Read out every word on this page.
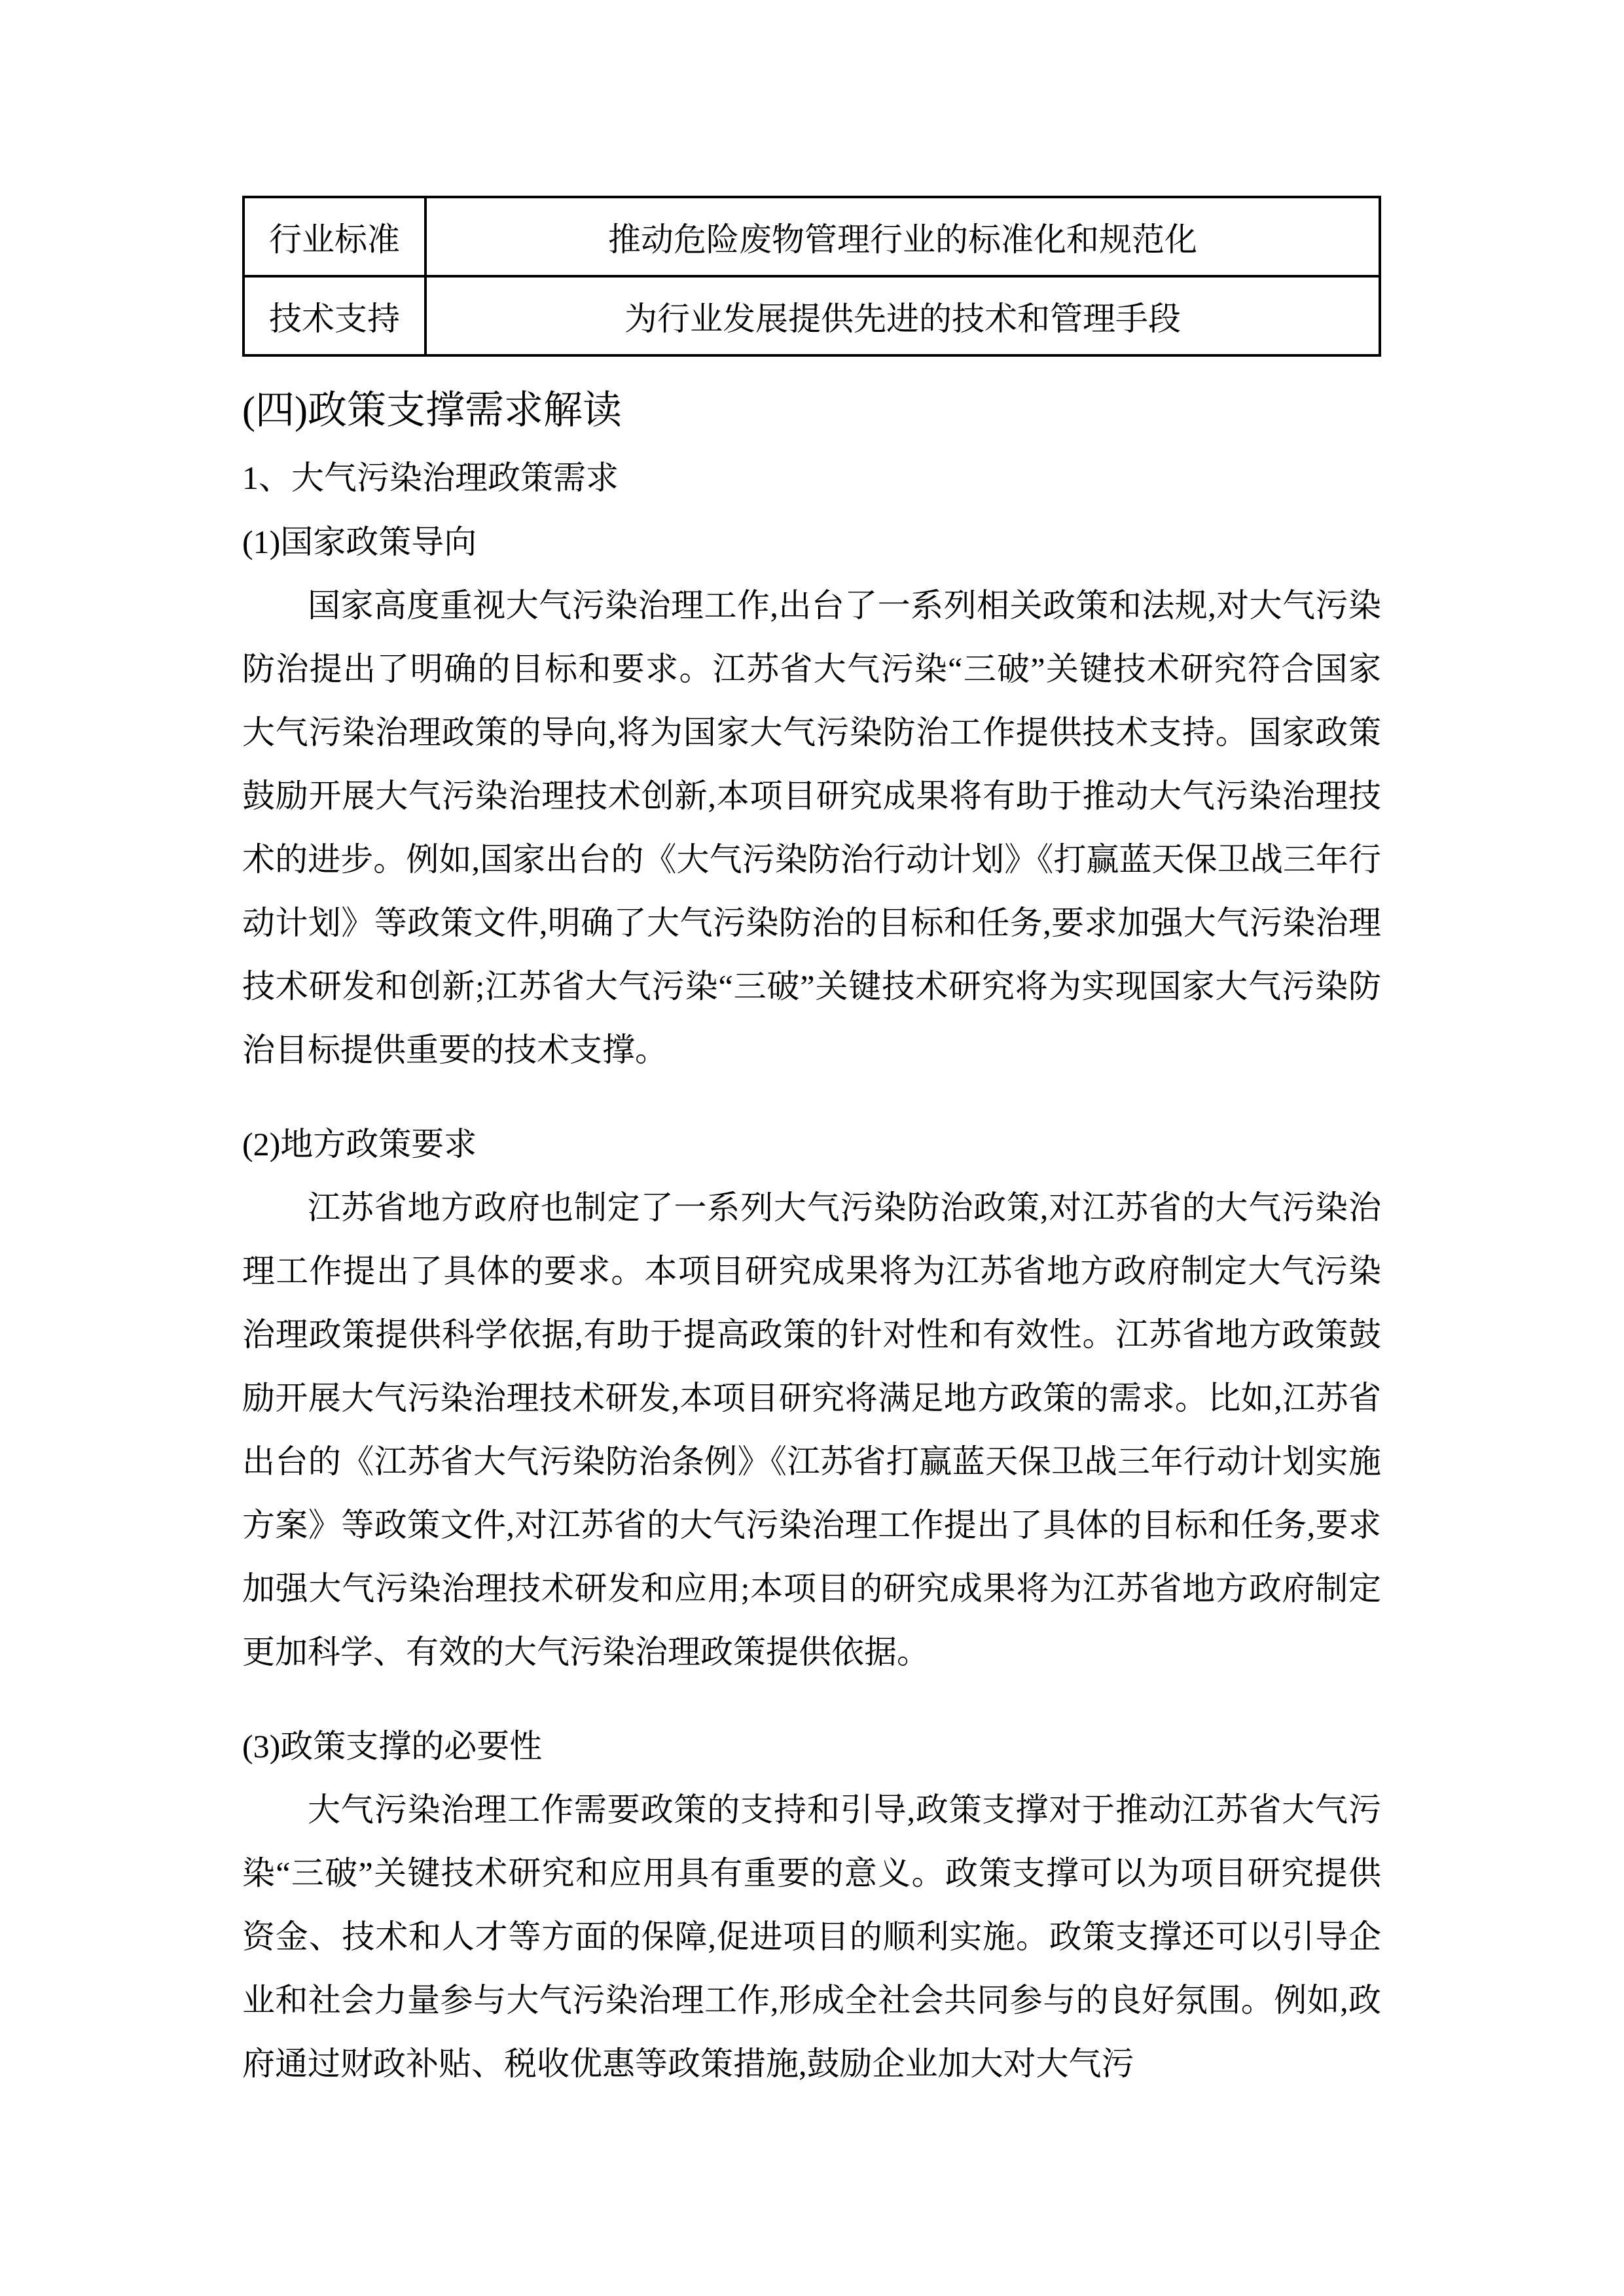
行业标准	推动危险废物管理行业的标准化和规范化
技术支持	为行业发展提供先进的技术和管理手段
(四)政策支撑需求解读
1、大气污染治理政策需求
(1)国家政策导向

国家高度重视大气污染治理工作,出台了一系列相关政策和法规,对大气污染防治提出了明确的目标和要求。江苏省大气污染“三破”关键技术研究符合国家大气污染治理政策的导向,将为国家大气污染防治工作提供技术支持。国家政策鼓励开展大气污染治理技术创新,本项目研究成果将有助于推动大气污染治理技术的进步。例如,国家出台的《大气污染防治行动计划》《打赢蓝天保卫战三年行动计划》等政策文件,明确了大气污染防治的目标和任务,要求加强大气污染治理技术研发和创新;江苏省大气污染“三破”关键技术研究将为实现国家大气污染防治目标提供重要的技术支撑。

(2)地方政策要求

江苏省地方政府也制定了一系列大气污染防治政策,对江苏省的大气污染治理工作提出了具体的要求。本项目研究成果将为江苏省地方政府制定大气污染治理政策提供科学依据,有助于提高政策的针对性和有效性。江苏省地方政策鼓励开展大气污染治理技术研发,本项目研究将满足地方政策的需求。比如,江苏省出台的《江苏省大气污染防治条例》《江苏省打赢蓝天保卫战三年行动计划实施方案》等政策文件,对江苏省的大气污染治理工作提出了具体的目标和任务,要求加强大气污染治理技术研发和应用;本项目的研究成果将为江苏省地方政府制定更加科学、有效的大气污染治理政策提供依据。

(3)政策支撑的必要性

大气污染治理工作需要政策的支持和引导,政策支撑对于推动江苏省大气污染“三破”关键技术研究和应用具有重要的意义。政策支撑可以为项目研究提供资金、技术和人才等方面的保障,促进项目的顺利实施。政策支撑还可以引导企业和社会力量参与大气污染治理工作,形成全社会共同参与的良好氛围。例如,政府通过财政补贴、税收优惠等政策措施,鼓励企业加大对大气污
